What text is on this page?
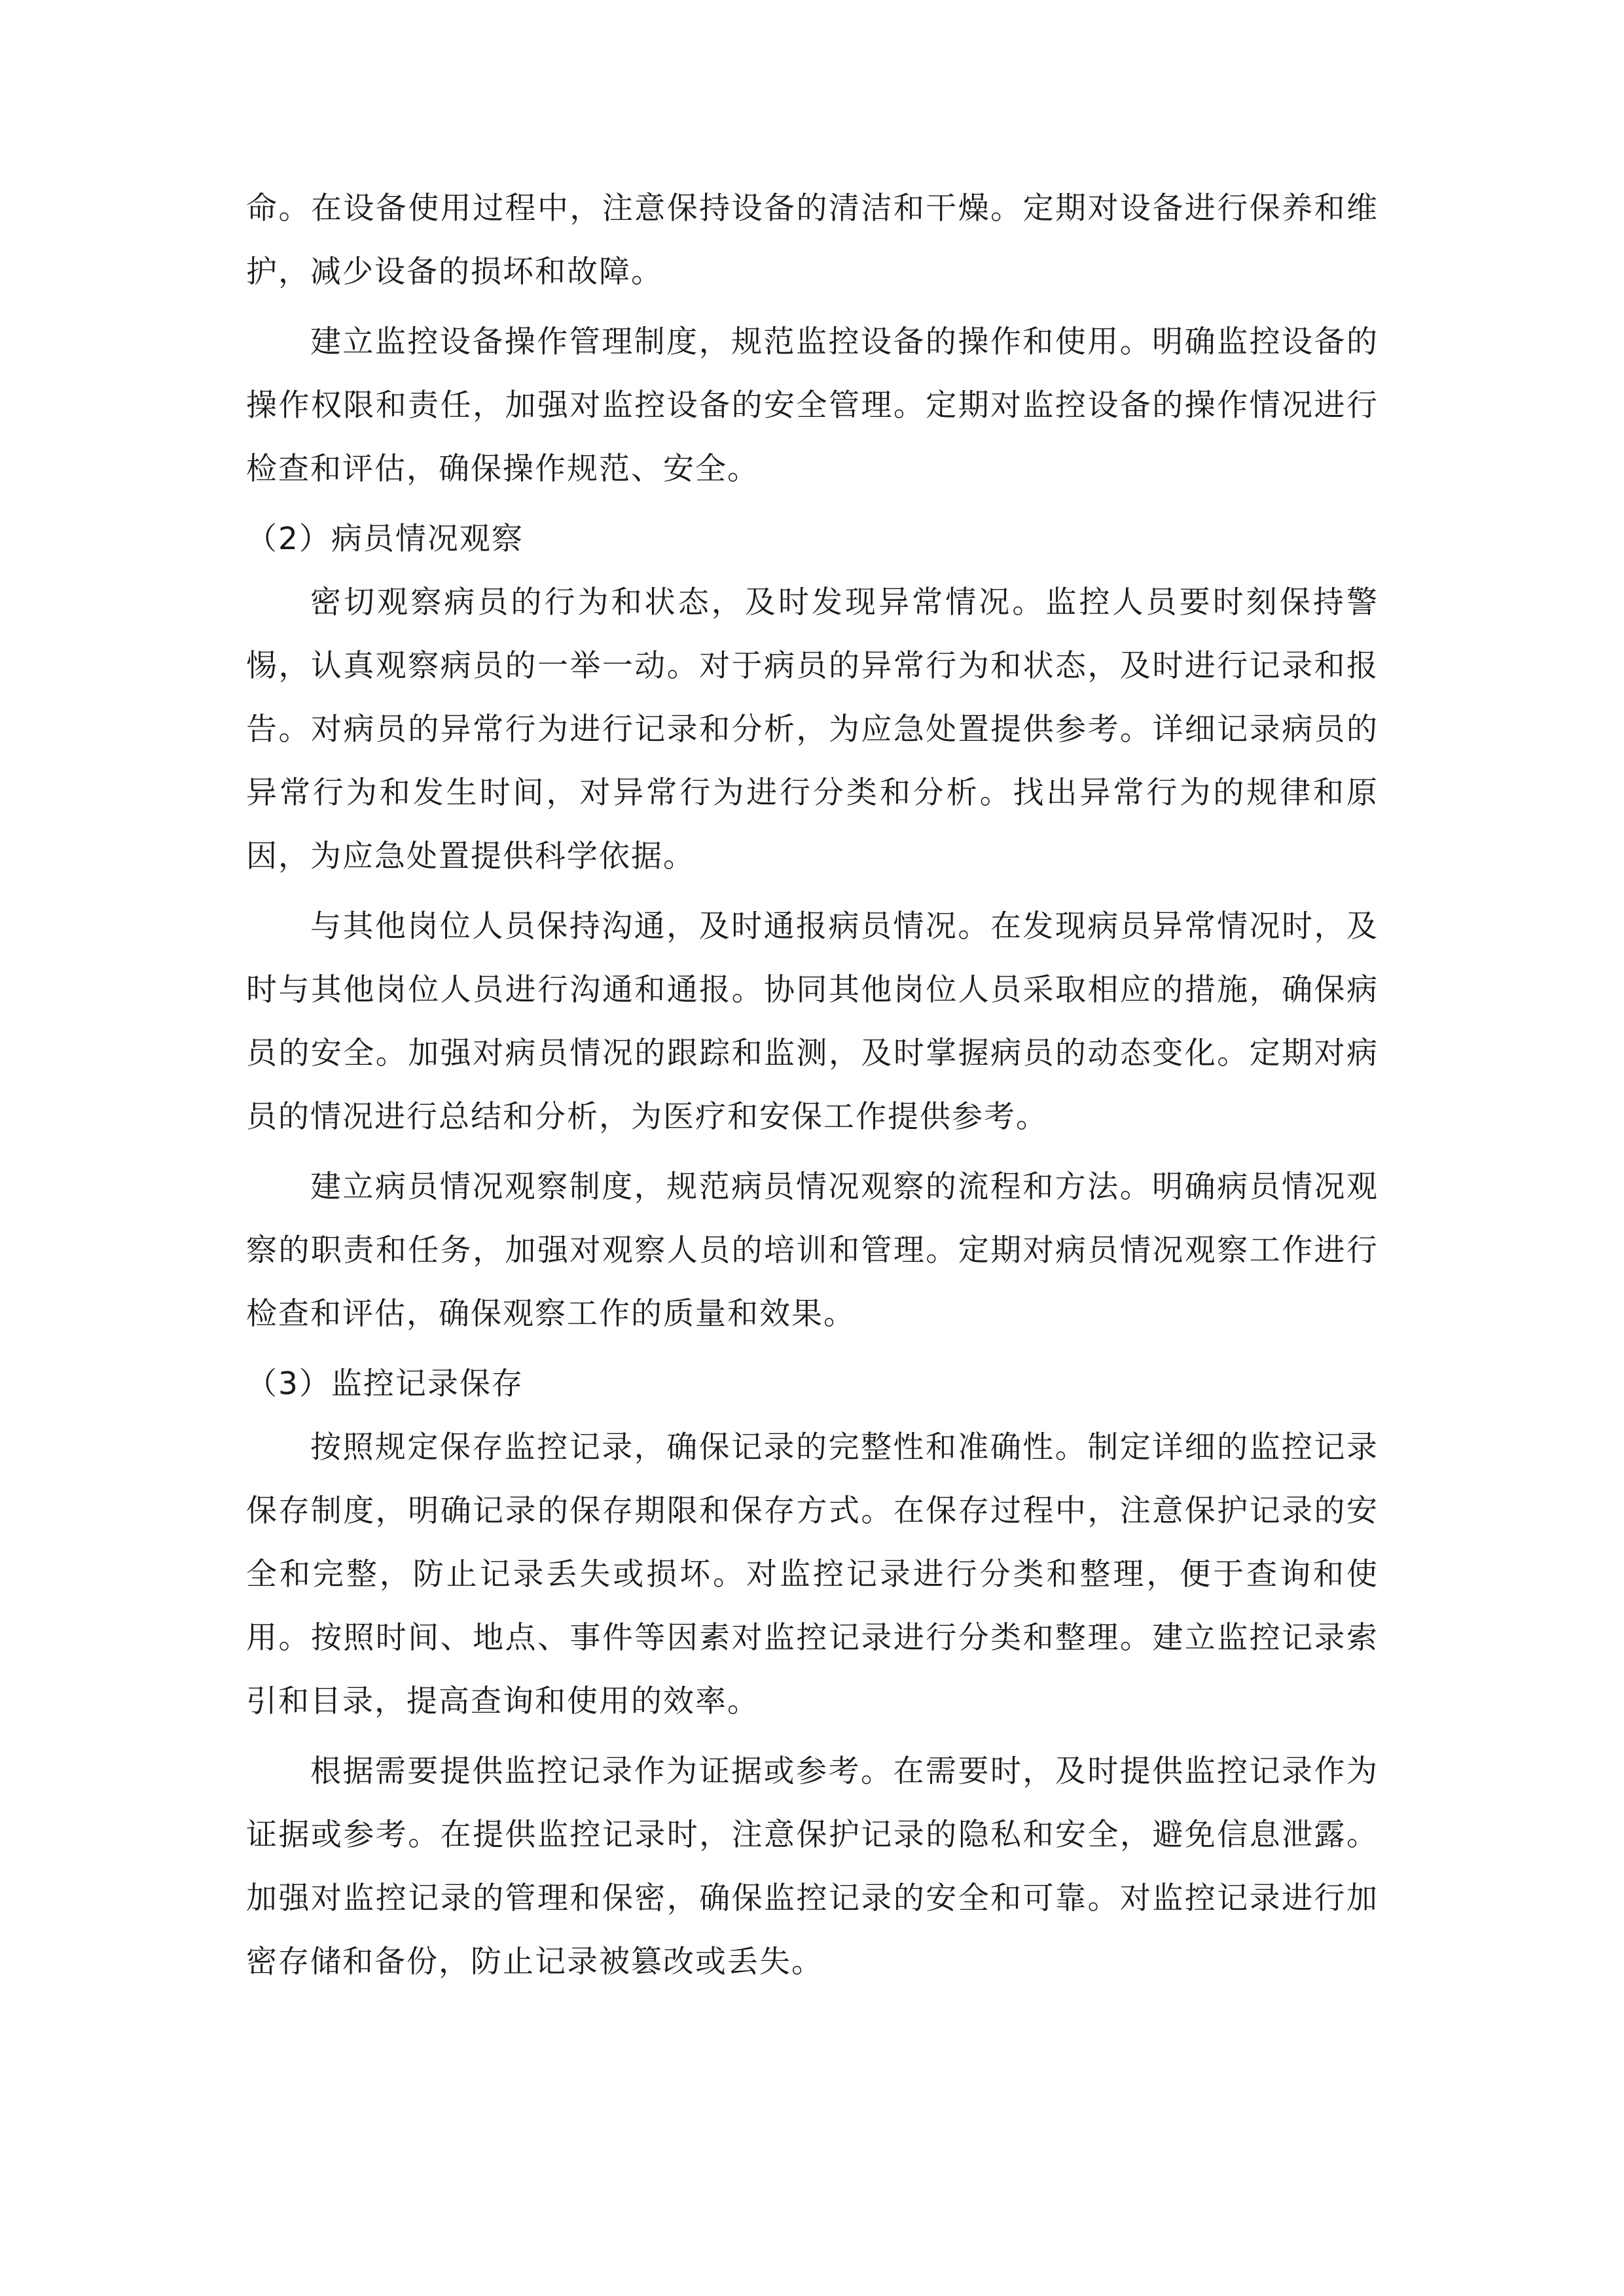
命。在设备使用过程中，注意保持设备的清洁和干燥。定期对设备进行保养和维护，减少设备的损坏和故障。

建立监控设备操作管理制度，规范监控设备的操作和使用。明确监控设备的操作权限和责任，加强对监控设备的安全管理。定期对监控设备的操作情况进行检查和评估，确保操作规范、安全。

（2）病员情况观察

密切观察病员的行为和状态，及时发现异常情况。监控人员要时刻保持警惕，认真观察病员的一举一动。对于病员的异常行为和状态，及时进行记录和报告。对病员的异常行为进行记录和分析，为应急处置提供参考。详细记录病员的异常行为和发生时间，对异常行为进行分类和分析。找出异常行为的规律和原因，为应急处置提供科学依据。

与其他岗位人员保持沟通，及时通报病员情况。在发现病员异常情况时，及时与其他岗位人员进行沟通和通报。协同其他岗位人员采取相应的措施，确保病员的安全。加强对病员情况的跟踪和监测，及时掌握病员的动态变化。定期对病员的情况进行总结和分析，为医疗和安保工作提供参考。

建立病员情况观察制度，规范病员情况观察的流程和方法。明确病员情况观察的职责和任务，加强对观察人员的培训和管理。定期对病员情况观察工作进行检查和评估，确保观察工作的质量和效果。

（3）监控记录保存

按照规定保存监控记录，确保记录的完整性和准确性。制定详细的监控记录保存制度，明确记录的保存期限和保存方式。在保存过程中，注意保护记录的安全和完整，防止记录丢失或损坏。对监控记录进行分类和整理，便于查询和使用。按照时间、地点、事件等因素对监控记录进行分类和整理。建立监控记录索引和目录，提高查询和使用的效率。

根据需要提供监控记录作为证据或参考。在需要时，及时提供监控记录作为证据或参考。在提供监控记录时，注意保护记录的隐私和安全，避免信息泄露。加强对监控记录的管理和保密，确保监控记录的安全和可靠。对监控记录进行加密存储和备份，防止记录被篡改或丢失。
